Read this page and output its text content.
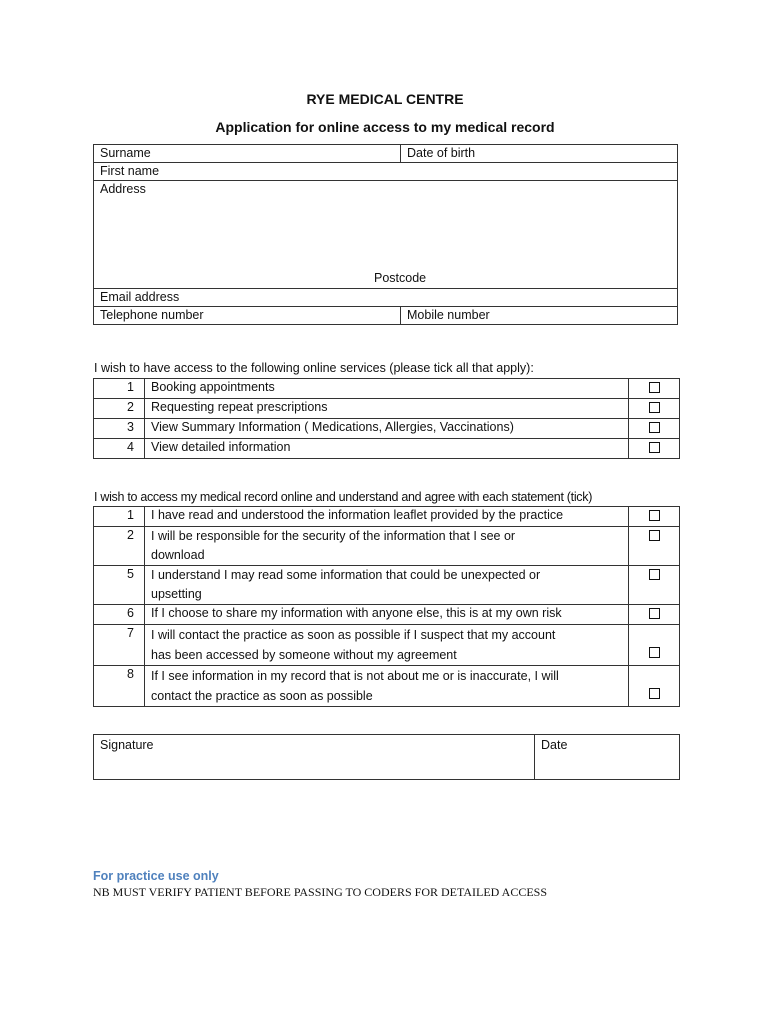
RYE MEDICAL CENTRE
Application for online access to my medical record
Surname	Date of birth
First name	
Address
Postcode	

Email address	
Telephone number	Mobile number
I wish to have access to the following online services (please tick all that apply):
1	Booking appointments	
2	Requesting repeat prescriptions	
3	View Summary Information ( Medications, Allergies, Vaccinations)	
4	View detailed information	
I wish to access my medical record online and understand and agree with each statement (tick)
1	I have read and understood the information leaflet provided by the practice	

2	I will be responsible for the security of the information that I see or
download	

5	I understand I may read some information that could be unexpected or
upsetting	

6	If I choose to share my information with anyone else, this is at my own risk	

7	I will contact the practice as soon as possible if I suspect that my account
has been accessed by someone without my agreement	

8	If I see information in my record that is not about me or is inaccurate, I will
contact the practice as soon as possible	

Signature	Date
For practice use only
NB MUST VERIFY PATIENT BEFORE PASSING TO CODERS FOR DETAILED ACCESS
